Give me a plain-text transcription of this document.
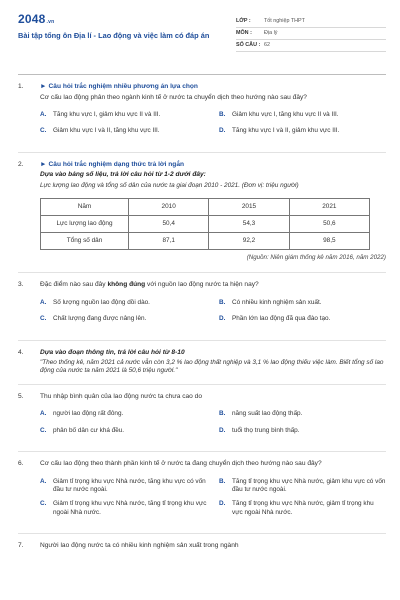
2048.vn
Bài tập tổng ôn Địa lí - Lao động và việc làm có đáp án
LỚP :	Tốt nghiệp THPT
MÔN :	Địa lý
SỐ CÂU : 62
1.	► Câu hỏi trắc nghiệm nhiều phương án lựa chọn
Cơ cấu lao động phân theo ngành kinh tế ở nước ta chuyển dịch theo hướng nào sau đây?
A.	Tăng khu vực I, giảm khu vực II và III.	B.	Giảm khu vực I, tăng khu vực II và III.
C.	Giảm khu vực I và II, tăng khu vực III.	D.	Tăng khu vực I và II, giảm khu vực III.
2.	► Câu hỏi trắc nghiệm dạng thức trả lời ngắn
Dựa vào bảng số liệu, trả lời câu hỏi từ 1-2 dưới đây:
Lực lượng lao động và tổng số dân của nước ta giai đoạn 2010 - 2021. (Đơn vị: triệu người)
Năm	2010	2015	2021
Lực lượng lao động	50,4	54,3	50,6
Tổng số dân	87,1	92,2	98,5
(Nguồn: Niên giám thống kê năm 2016, năm 2022)
3.	Đặc điểm nào sau đây không đúng với nguồn lao động nước ta hiện nay?
A.	Số lượng nguồn lao động dồi dào.	B.	Có nhiều kinh nghiệm sản xuất.
C.	Chất lượng đang được nâng lên.	D.	Phần lớn lao động đã qua đào tạo.
4.	Dựa vào đoạn thông tin, trả lời câu hỏi từ 8-10
"Theo thống kê, năm 2021 cả nước vẫn còn 3,2 % lao động thất nghiệp và 3,1 % lao động thiếu việc làm. Biết tổng số lao động của nước ta năm 2021 là 50,6 triệu người."
5.	Thu nhập bình quân của lao động nước ta chưa cao do
A.	người lao động rất đông.	B.	năng suất lao động thấp.
C.	phân bố dân cư khá đều.	D.	tuổi thọ trung bình thấp.
6.	Cơ cấu lao động theo thành phần kinh tế ở nước ta đang chuyển dịch theo hướng nào sau đây?
A.	Giảm tỉ trọng khu vực Nhà nước, tăng khu vực có vốn đầu tư nước ngoài.
B.	Tăng tỉ trọng khu vực Nhà nước, giảm khu vực có vốn đầu tư nước ngoài.
C.	Giảm tỉ trọng khu vực Nhà nước, tăng tỉ trọng khu vực ngoài Nhà nước.
D.	Tăng tỉ trọng khu vực Nhà nước, giảm tỉ trọng khu vực ngoài Nhà nước.
7.	Người lao động nước ta có nhiều kinh nghiệm sản xuất trong ngành
